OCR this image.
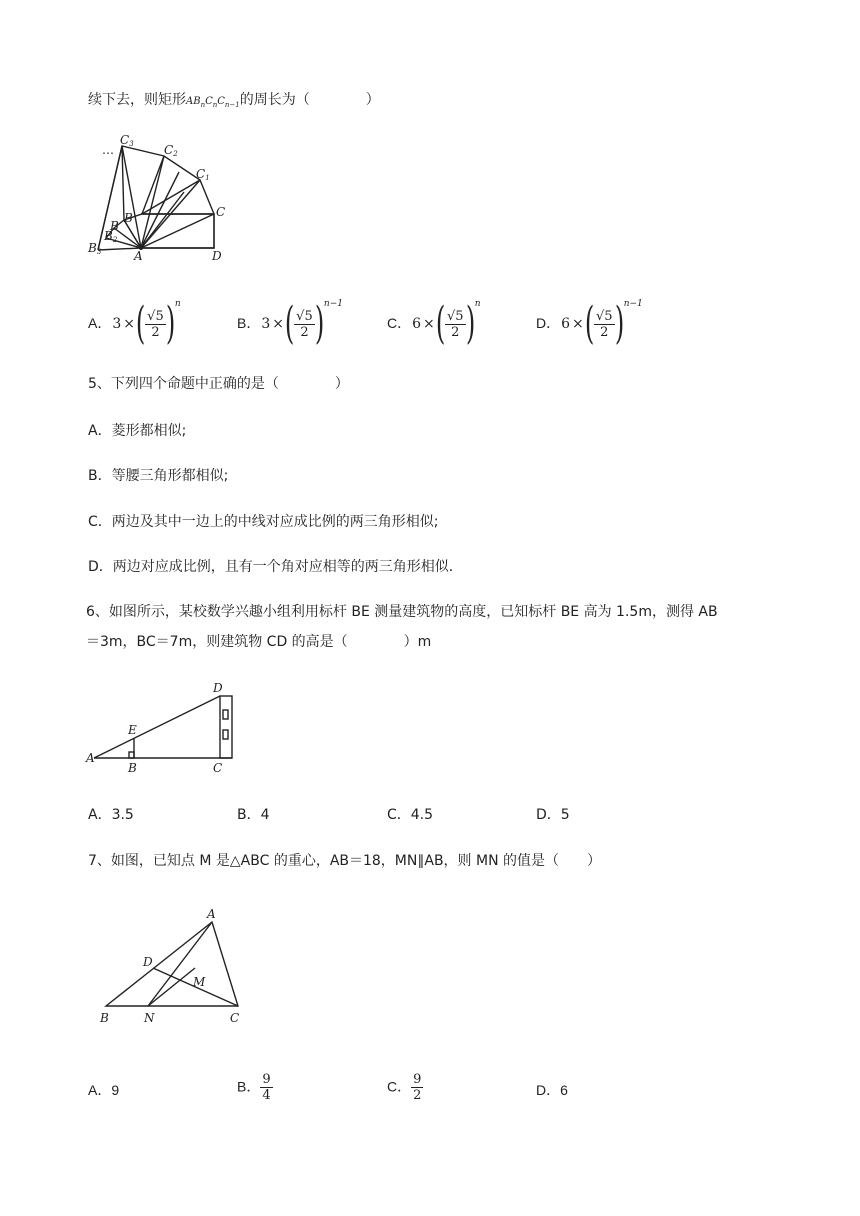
续下去，则矩形$AB_nC_nC_{n-1}$的周长为（　　　　）
C3	C2
C1
C
B
B
B2
B3	A	D
…
A．3 ×( $\frac{√5}{2} )^n$
B．3 ×( $\frac{√5}{2} )^{n-1}$
C．6 ×( $\frac{√5}{2} )^n$
D．6 ×( $\frac{√5}{2} )^{n-1}$
5、下列四个命题中正确的是（　　　　）
A．菱形都相似;
B．等腰三角形都相似;
C．两边及其中一边上的中线对应成比例的两三角形相似;
D．两边对应成比例，且有一个角对应相等的两三角形相似．
6、如图所示，某校数学兴趣小组利用标杆 BE 测量建筑物的高度，已知标杆 BE 高为 1.5m，测得 AB
＝3m，BC＝7m，则建筑物 CD 的高是（　　　　）m
D
E
A
B	C
A．3.5	B．4	C．4.5	D．5
7、如图，已知点 M 是△ABC 的重心，AB＝18，MN∥AB，则 MN 的值是（　　）
A
D
M
B	N	C
A．9	B． $\frac{9}{4}$	C． $\frac{9}{2}$	D．6
